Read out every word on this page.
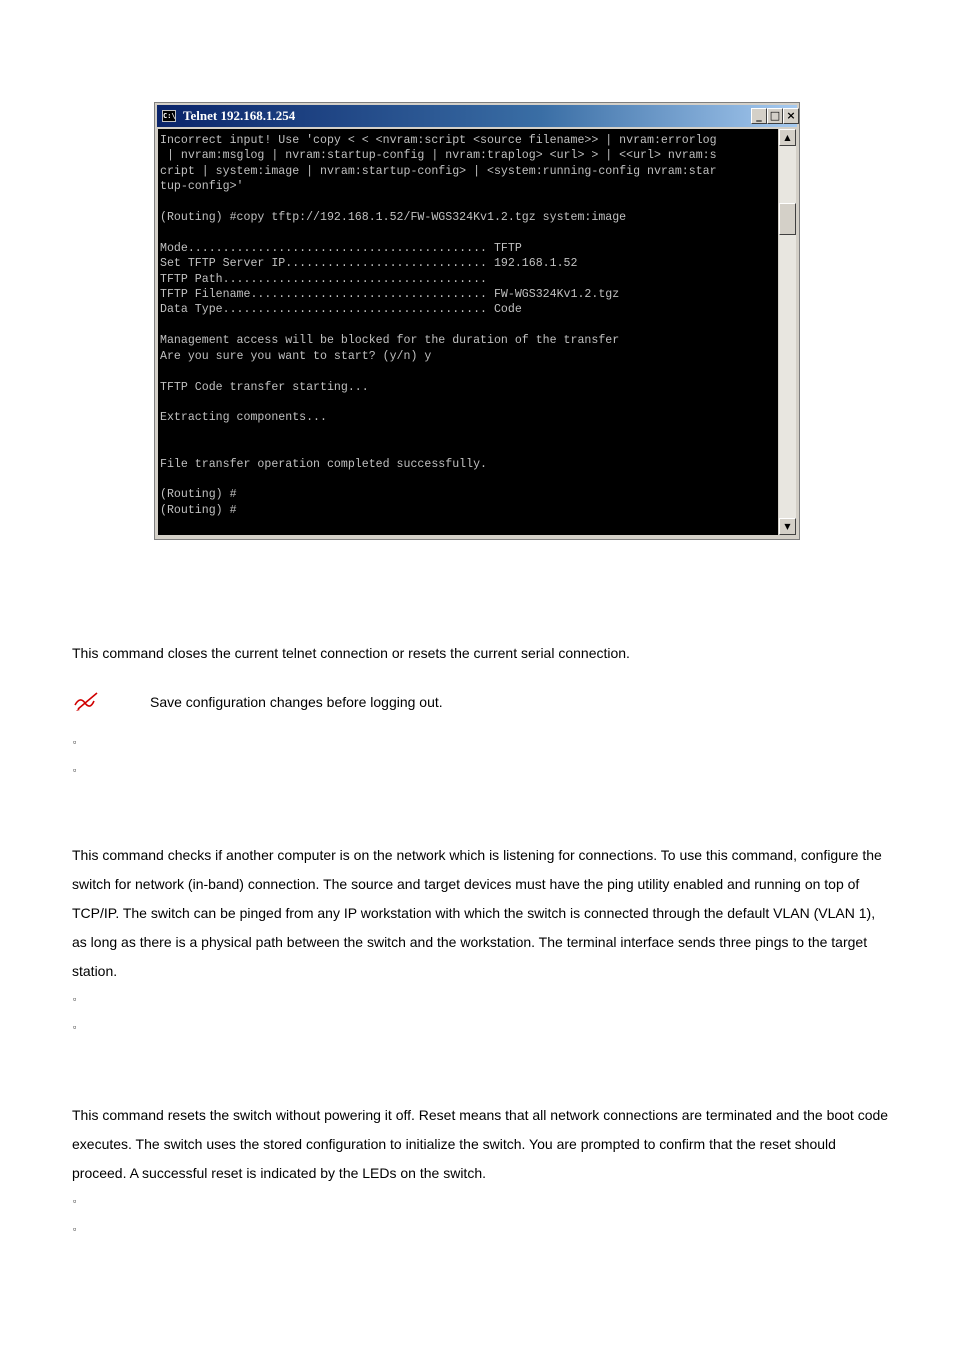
C:\ Telnet 192.168.1.254	_ □ ×
Incorrect input! Use 'copy < < <nvram:script <source filename>> | nvram:errorlog
| nvram:msglog | nvram:startup-config | nvram:traplog> <url> > | <<url> nvram:s
cript | system:image | nvram:startup-config> | <system:running-config nvram:star
tup-config>'

(Routing) #copy tftp://192.168.1.52/FW-WGS324Kv1.2.tgz system:image

Mode........................................... TFTP
Set TFTP Server IP............................. 192.168.1.52
TFTP Path......................................
TFTP Filename.................................. FW-WGS324Kv1.2.tgz
Data Type...................................... Code

Management access will be blocked for the duration of the transfer
Are you sure you want to start? (y/n) y

TFTP Code transfer starting...

Extracting components...

File transfer operation completed successfully.

(Routing) #
(Routing) #
▲
▼
This command closes the current telnet connection or resets the current serial connection.
Save configuration changes before logging out.
▫
▫
This command checks if another computer is on the network which is listening for connections. To use this command, configure the switch for network (in-band) connection. The source and target devices must have the ping utility enabled and running on top of TCP/IP. The switch can be pinged from any IP workstation with which the switch is connected through the default VLAN (VLAN 1), as long as there is a physical path between the switch and the workstation. The terminal interface sends three pings to the target station.
▫
▫
This command resets the switch without powering it off. Reset means that all network connections are terminated and the boot code executes. The switch uses the stored configuration to initialize the switch. You are prompted to confirm that the reset should proceed. A successful reset is indicated by the LEDs on the switch.
▫
▫
